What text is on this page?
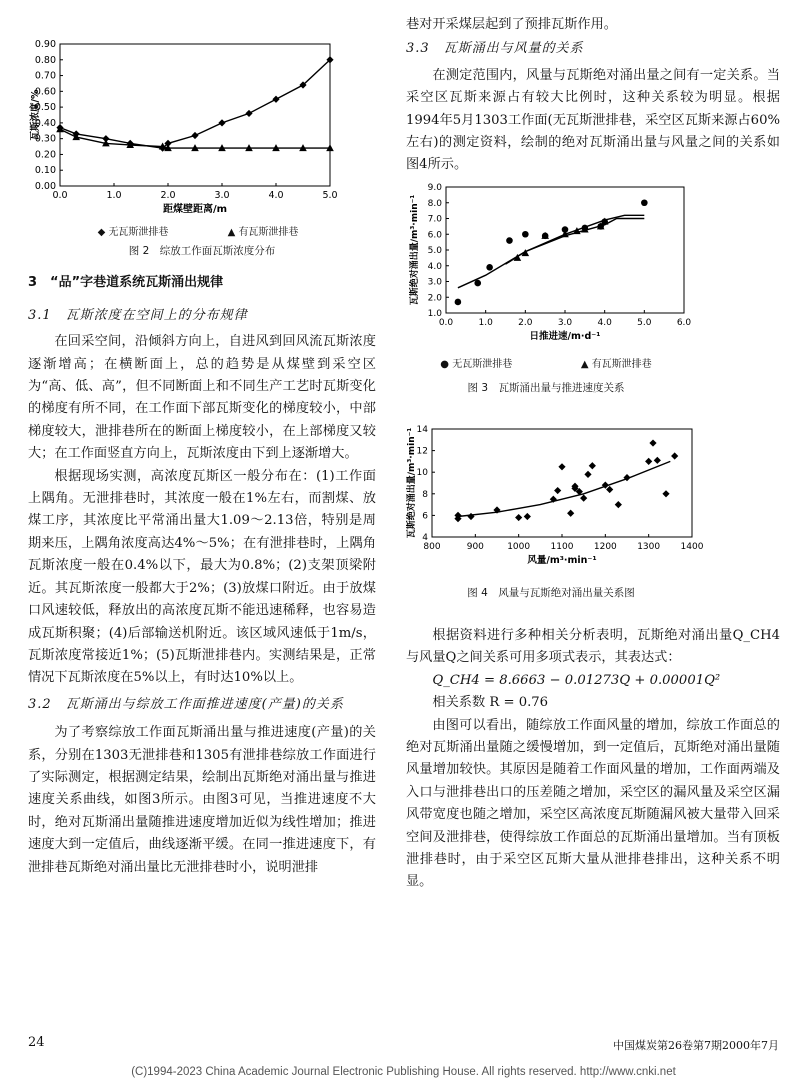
0.0	1.0	2.0	3.0	4.0	5.0
0.00
0.10
0.20
0.30
0.40
0.50
0.60
0.70
0.80
0.90
距煤壁距离/m
瓦斯浓度/%
◆ 无瓦斯泄排巷	▲ 有瓦斯泄排巷
图 2　综放工作面瓦斯浓度分布
3　“品”字巷道系统瓦斯涌出规律
3.1　瓦斯浓度在空间上的分布规律

在回采空间，沿倾斜方向上，自进风到回风流瓦斯浓度逐渐增高；在横断面上，总的趋势是从煤壁到采空区为“高、低、高”，但不同断面上和不同生产工艺时瓦斯变化的梯度有所不同，在工作面下部瓦斯变化的梯度较小，中部梯度较大，泄排巷所在的断面上梯度较小，在上部梯度又较大；在工作面竖直方向上，瓦斯浓度由下到上逐渐增大。

根据现场实测，高浓度瓦斯区一般分布在：(1)工作面上隅角。无泄排巷时，其浓度一般在1%左右，而割煤、放煤工序，其浓度比平常涌出量大1.09～2.13倍，特别是周期来压，上隅角浓度高达4%～5%；在有泄排巷时，上隅角瓦斯浓度一般在0.4%以下，最大为0.8%；(2)支架顶梁附近。其瓦斯浓度一般都大于2%；(3)放煤口附近。由于放煤口风速较低，释放出的高浓度瓦斯不能迅速稀释，也容易造成瓦斯积聚；(4)后部输送机附近。该区域风速低于1m/s，瓦斯浓度常接近1%；(5)瓦斯泄排巷内。实测结果是，正常情况下瓦斯浓度在5%以上，有时达10%以上。

3.2　瓦斯涌出与综放工作面推进速度(产量)的关系

为了考察综放工作面瓦斯涌出量与推进速度(产量)的关系，分别在1303无泄排巷和1305有泄排巷综放工作面进行了实际测定，根据测定结果，绘制出瓦斯绝对涌出量与推进速度关系曲线，如图3所示。由图3可见，当推进速度不大时，绝对瓦斯涌出量随推进速度增加近似为线性增加；推进速度大到一定值后，曲线逐渐平缓。在同一推进速度下，有泄排巷瓦斯绝对涌出量比无泄排巷时小，说明泄排

巷对开采煤层起到了预排瓦斯作用。

3.3　瓦斯涌出与风量的关系

在测定范围内，风量与瓦斯绝对涌出量之间有一定关系。当采空区瓦斯来源占有较大比例时，这种关系较为明显。根据1994年5月1303工作面(无瓦斯泄排巷，采空区瓦斯来源占60%左右)的测定资料，绘制的绝对瓦斯涌出量与风量之间的关系如图4所示。

0.0	1.0	2.0	3.0	4.0	5.0	6.0
1.0
2.0
3.0
4.0
5.0
6.0
7.0
8.0
9.0
日推进速/m·d⁻¹
瓦斯绝对涌出量/m³·min⁻¹
● 无瓦斯泄排巷	▲ 有瓦斯泄排巷
图 3　瓦斯涌出量与推进速度关系
800	900	1000 1100 1200 1300 1400
4
6
8
10
12
14
风量/m³·min⁻¹
瓦斯绝对涌出量/m³·min⁻¹
图 4　风量与瓦斯绝对涌出量关系图

根据资料进行多种相关分析表明，瓦斯绝对涌出量Q_CH4与风量Q之间关系可用多项式表示，其表达式：

Q_CH4 = 8.6663 − 0.01273Q + 0.00001Q²

相关系数 R = 0.76

由图可以看出，随综放工作面风量的增加，综放工作面总的绝对瓦斯涌出量随之缓慢增加，到一定值后，瓦斯绝对涌出量随风量增加较快。其原因是随着工作面风量的增加，工作面两端及入口与泄排巷出口的压差随之增加，采空区的漏风量及采空区漏风带宽度也随之增加，采空区高浓度瓦斯随漏风被大量带入回采空间及泄排巷，使得综放工作面总的瓦斯涌出量增加。当有顶板泄排巷时，由于采空区瓦斯大量从泄排巷排出，这种关系不明显。

24	中国煤炭第26卷第7期2000年7月
(C)1994-2023 China Academic Journal Electronic Publishing House. All rights reserved. http://www.cnki.net
